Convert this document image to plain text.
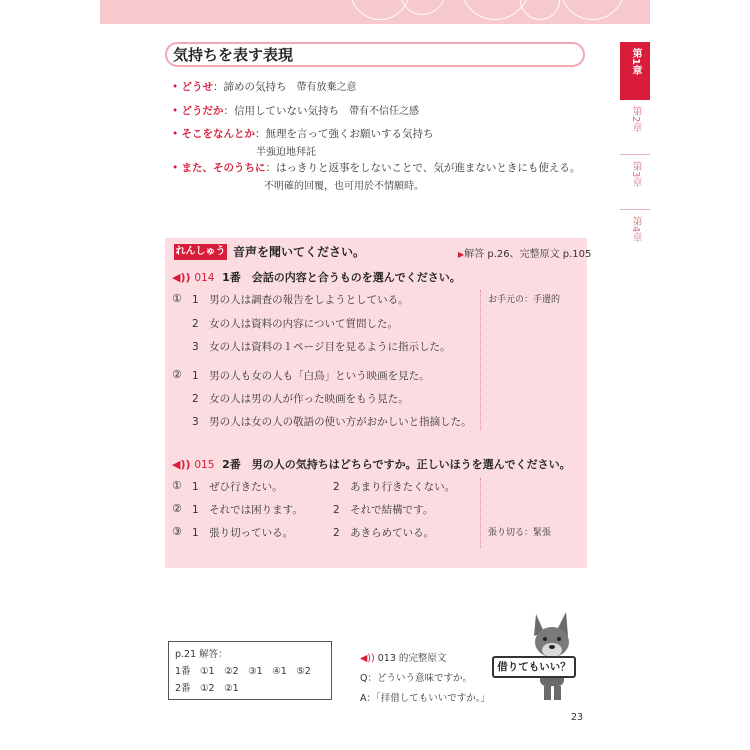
気持ちを表す表現
• どうせ：諦めの気持ち 帶有放棄之意
• どうだか：信用していない気持ち 帶有不信任之感
• そこをなんとか：無理を言って強くお願いする気持ち
半強迫地拜託
• また、そのうちに：はっきりと返事をしないことで、気が進まないときにも使える。
不明確的回覆，也可用於不情願時。
第1章
第2章
第3章
第4章
れんしゅう 音声を聞いてください。	▶解答 p.26、完整原文 p.105
◀)) 014 1番　会話の内容と合うものを選んでください。
① 1　男の人は調査の報告をしようとしている。
2　女の人は資料の内容について質問した。
3　女の人は資料の１ページ目を見るように指示した。
② 1　男の人も女の人も「白鳥」という映画を見た。
2　女の人は男の人が作った映画をもう見た。
3　男の人は女の人の敬語の使い方がおかしいと指摘した。
お手元の：手邊的
◀)) 015 2番　男の人の気持ちはどちらですか。正しいほうを選んでください。
① 1　ぜひ行きたい。	2　あまり行きたくない。
② 1　それでは困ります。	2　それで結構です。
③ 1　張り切っている。	2　あきらめている。	張り切る：緊張
p.21 解答：
1番　①1　②2　③1　④1　⑤2
2番　①2　②1
◀)) 013 的完整原文
Q：どういう意味ですか。
A：「拝借してもいいですか。」
借りてもいい？
23
